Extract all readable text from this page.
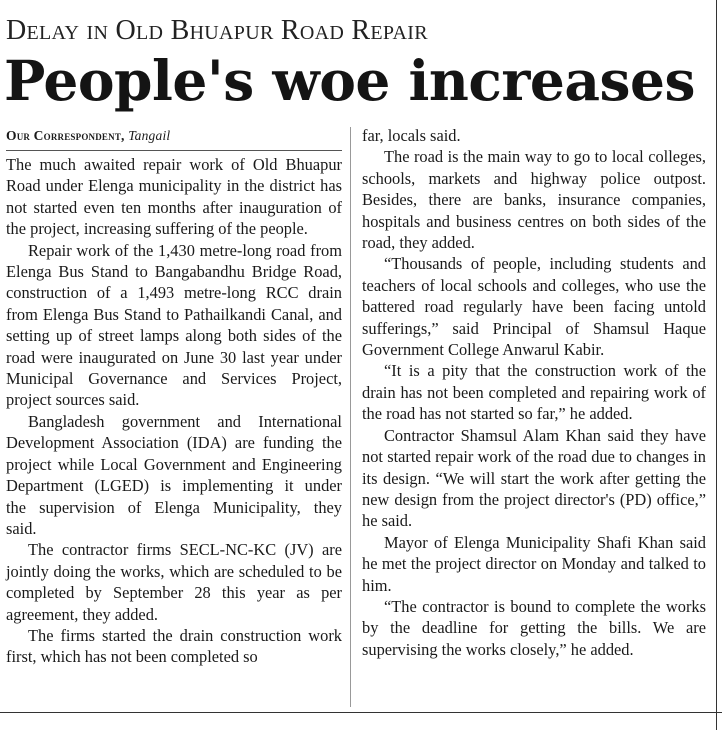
Delay in Old Bhuapur Road Repair
People's woe increases
Our Correspondent, Tangail

The much awaited repair work of Old Bhuapur Road under Elenga municipality in the district has not started even ten months after inauguration of the project, increasing suffering of the people.

Repair work of the 1,430 metre-long road from Elenga Bus Stand to Bangabandhu Bridge Road, construction of a 1,493 metre-long RCC drain from Elenga Bus Stand to Pathailkandi Canal, and setting up of street lamps along both sides of the road were inaugurated on June 30 last year under Municipal Governance and Services Project, project sources said.

Bangladesh government and International Development Association (IDA) are funding the project while Local Government and Engineering Department (LGED) is implementing it under the supervision of Elenga Municipality, they said.

The contractor firms SECL-NC-KC (JV) are jointly doing the works, which are scheduled to be completed by September 28 this year as per agreement, they added.

The firms started the drain construction work first, which has not been completed so

far, locals said.

The road is the main way to go to local colleges, schools, markets and highway police outpost. Besides, there are banks, insurance companies, hospitals and business centres on both sides of the road, they added.

“Thousands of people, including students and teachers of local schools and colleges, who use the battered road regularly have been facing untold sufferings,” said Principal of Shamsul Haque Government College Anwarul Kabir.

“It is a pity that the construction work of the drain has not been completed and repairing work of the road has not started so far,” he added.

Contractor Shamsul Alam Khan said they have not started repair work of the road due to changes in its design. “We will start the work after getting the new design from the project director's (PD) office,” he said.

Mayor of Elenga Municipality Shafi Khan said he met the project director on Monday and talked to him.

“The contractor is bound to complete the works by the deadline for getting the bills. We are supervising the works closely,” he added.
